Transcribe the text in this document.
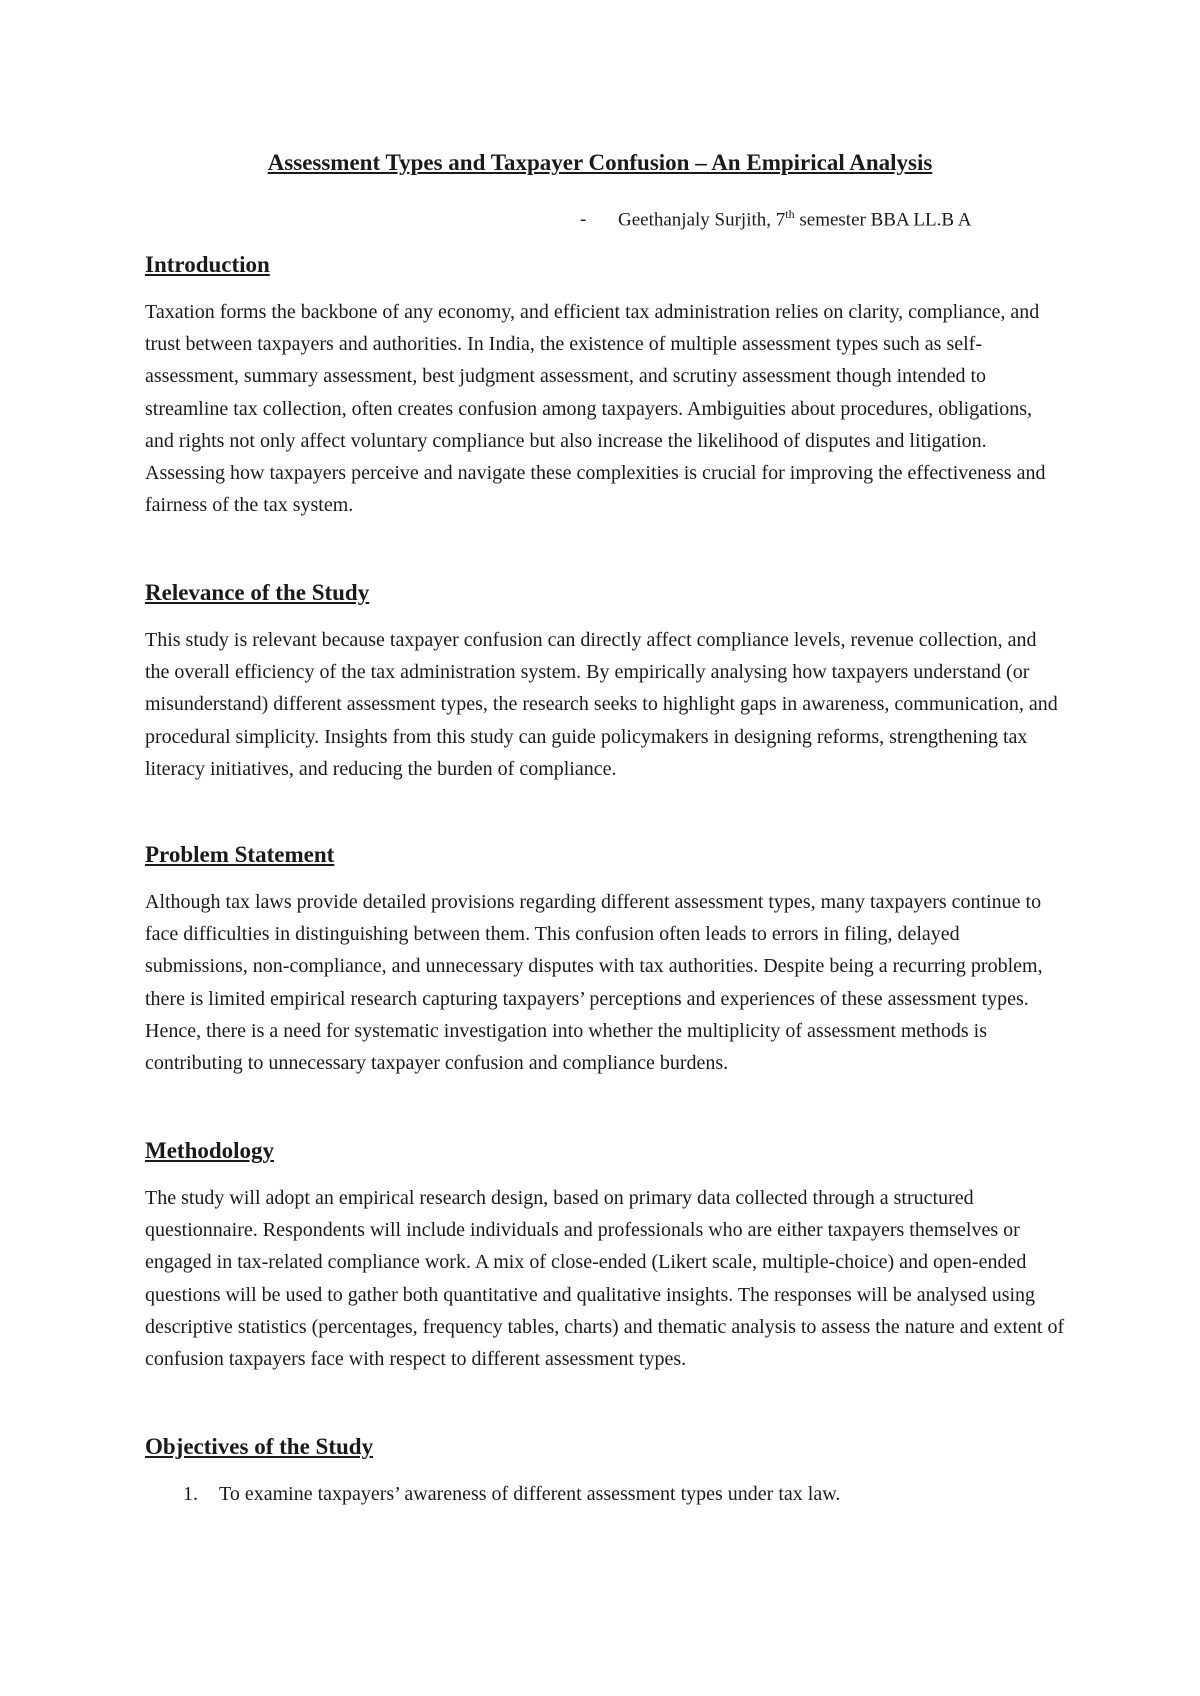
Assessment Types and Taxpayer Confusion – An Empirical Analysis
- Geethanjaly Surjith, 7th semester BBA LL.B A
Introduction

Taxation forms the backbone of any economy, and efficient tax administration relies on clarity, compliance, and trust between taxpayers and authorities. In India, the existence of multiple assessment types such as self-assessment, summary assessment, best judgment assessment, and scrutiny assessment though intended to streamline tax collection, often creates confusion among taxpayers. Ambiguities about procedures, obligations, and rights not only affect voluntary compliance but also increase the likelihood of disputes and litigation. Assessing how taxpayers perceive and navigate these complexities is crucial for improving the effectiveness and fairness of the tax system.

Relevance of the Study

This study is relevant because taxpayer confusion can directly affect compliance levels, revenue collection, and the overall efficiency of the tax administration system. By empirically analysing how taxpayers understand (or misunderstand) different assessment types, the research seeks to highlight gaps in awareness, communication, and procedural simplicity. Insights from this study can guide policymakers in designing reforms, strengthening tax literacy initiatives, and reducing the burden of compliance.

Problem Statement

Although tax laws provide detailed provisions regarding different assessment types, many taxpayers continue to face difficulties in distinguishing between them. This confusion often leads to errors in filing, delayed submissions, non-compliance, and unnecessary disputes with tax authorities. Despite being a recurring problem, there is limited empirical research capturing taxpayers’ perceptions and experiences of these assessment types. Hence, there is a need for systematic investigation into whether the multiplicity of assessment methods is contributing to unnecessary taxpayer confusion and compliance burdens.

Methodology

The study will adopt an empirical research design, based on primary data collected through a structured questionnaire. Respondents will include individuals and professionals who are either taxpayers themselves or engaged in tax-related compliance work. A mix of close-ended (Likert scale, multiple-choice) and open-ended questions will be used to gather both quantitative and qualitative insights. The responses will be analysed using descriptive statistics (percentages, frequency tables, charts) and thematic analysis to assess the nature and extent of confusion taxpayers face with respect to different assessment types.

Objectives of the Study
1. To examine taxpayers’ awareness of different assessment types under tax law.
